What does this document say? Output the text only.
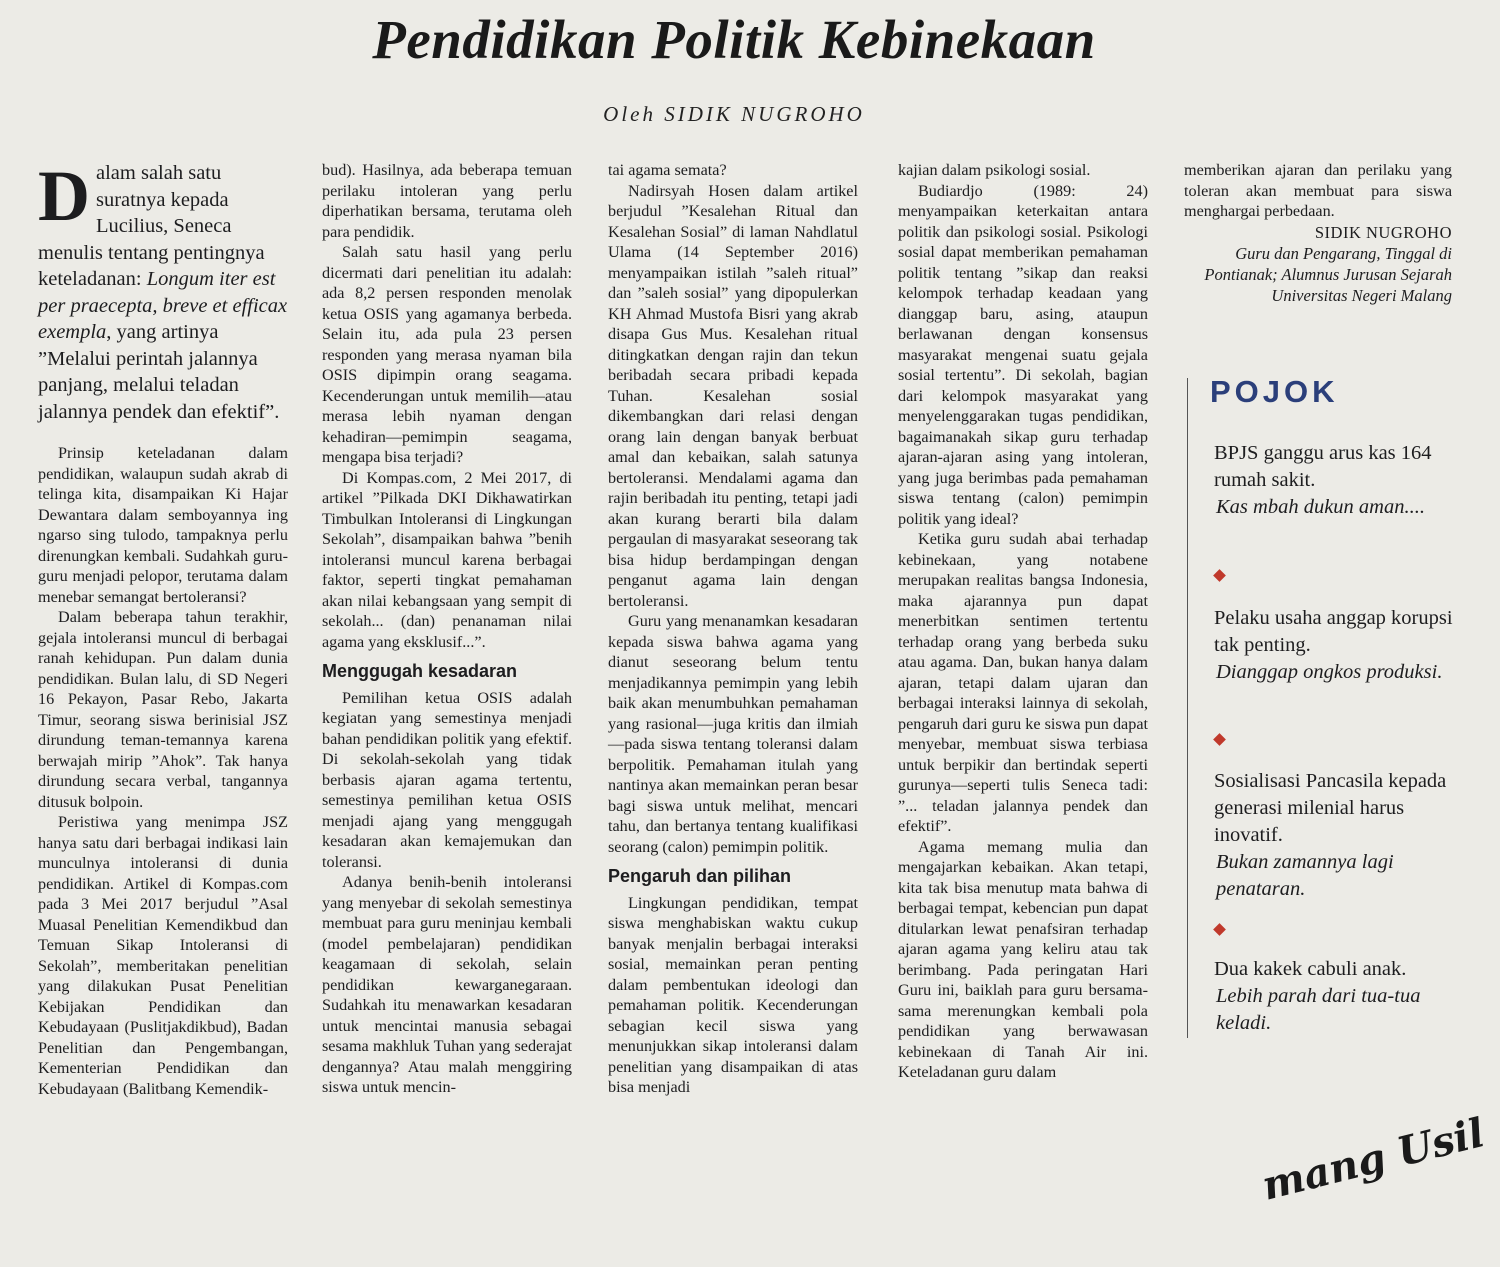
Pendidikan Politik Kebinekaan

Oleh SIDIK NUGROHO

Dalam salah satu suratnya kepada Lucilius, Seneca menulis tentang pentingnya keteladanan: Longum iter est per praecepta, breve et efficax exempla, yang artinya ”Melalui perintah jalannya panjang, melalui teladan jalannya pendek dan efektif”.

Prinsip keteladanan dalam pendidikan, walaupun sudah akrab di telinga kita, disampaikan Ki Hajar Dewantara dalam semboyannya ing ngarso sing tulodo, tampaknya perlu direnungkan kembali. Sudahkah guru-guru menjadi pelopor, terutama dalam menebar semangat bertoleransi?

Dalam beberapa tahun terakhir, gejala intoleransi muncul di berbagai ranah kehidupan. Pun dalam dunia pendidikan. Bulan lalu, di SD Negeri 16 Pekayon, Pasar Rebo, Jakarta Timur, seorang siswa berinisial JSZ dirundung teman-temannya karena berwajah mirip ”Ahok”. Tak hanya dirundung secara verbal, tangannya ditusuk bolpoin.

Peristiwa yang menimpa JSZ hanya satu dari berbagai indikasi lain munculnya intoleransi di dunia pendidikan. Artikel di Kompas.com pada 3 Mei 2017 berjudul ”Asal Muasal Penelitian Kemendikbud dan Temuan Sikap Intoleransi di Sekolah”, memberitakan penelitian yang dilakukan Pusat Penelitian Kebijakan Pendidikan dan Kebudayaan (Puslitjakdikbud), Badan Penelitian dan Pengembangan, Kementerian Pendidikan dan Kebudayaan (Balitbang Kemendik-

bud). Hasilnya, ada beberapa temuan perilaku intoleran yang perlu diperhatikan bersama, terutama oleh para pendidik.

Salah satu hasil yang perlu dicermati dari penelitian itu adalah: ada 8,2 persen responden menolak ketua OSIS yang agamanya berbeda. Selain itu, ada pula 23 persen responden yang merasa nyaman bila OSIS dipimpin orang seagama. Kecenderungan untuk memilih—atau merasa lebih nyaman dengan kehadiran—pemimpin seagama, mengapa bisa terjadi?

Di Kompas.com, 2 Mei 2017, di artikel ”Pilkada DKI Dikhawatirkan Timbulkan Intoleransi di Lingkungan Sekolah”, disampaikan bahwa ”benih intoleransi muncul karena berbagai faktor, seperti tingkat pemahaman akan nilai kebangsaan yang sempit di sekolah... (dan) penanaman nilai agama yang eksklusif...”.

Menggugah kesadaran

Pemilihan ketua OSIS adalah kegiatan yang semestinya menjadi bahan pendidikan politik yang efektif. Di sekolah-sekolah yang tidak berbasis ajaran agama tertentu, semestinya pemilihan ketua OSIS menjadi ajang yang menggugah kesadaran akan kemajemukan dan toleransi.

Adanya benih-benih intoleransi yang menyebar di sekolah semestinya membuat para guru meninjau kembali (model pembelajaran) pendidikan keagamaan di sekolah, selain pendidikan kewarganegaraan. Sudahkah itu menawarkan kesadaran untuk mencintai manusia sebagai sesama makhluk Tuhan yang sederajat dengannya? Atau malah menggiring siswa untuk mencin-

tai agama semata?

Nadirsyah Hosen dalam artikel berjudul ”Kesalehan Ritual dan Kesalehan Sosial” di laman Nahdlatul Ulama (14 September 2016) menyampaikan istilah ”saleh ritual” dan ”saleh sosial” yang dipopulerkan KH Ahmad Mustofa Bisri yang akrab disapa Gus Mus. Kesalehan ritual ditingkatkan dengan rajin dan tekun beribadah secara pribadi kepada Tuhan. Kesalehan sosial dikembangkan dari relasi dengan orang lain dengan banyak berbuat amal dan kebaikan, salah satunya bertoleransi. Mendalami agama dan rajin beribadah itu penting, tetapi jadi akan kurang berarti bila dalam pergaulan di masyarakat seseorang tak bisa hidup berdampingan dengan penganut agama lain dengan bertoleransi.

Guru yang menanamkan kesadaran kepada siswa bahwa agama yang dianut seseorang belum tentu menjadikannya pemimpin yang lebih baik akan menumbuhkan pemahaman yang rasional—juga kritis dan ilmiah—pada siswa tentang toleransi dalam berpolitik. Pemahaman itulah yang nantinya akan memainkan peran besar bagi siswa untuk melihat, mencari tahu, dan bertanya tentang kualifikasi seorang (calon) pemimpin politik.

Pengaruh dan pilihan

Lingkungan pendidikan, tempat siswa menghabiskan waktu cukup banyak menjalin berbagai interaksi sosial, memainkan peran penting dalam pembentukan ideologi dan pemahaman politik. Kecenderungan sebagian kecil siswa yang menunjukkan sikap intoleransi dalam penelitian yang disampaikan di atas bisa menjadi

kajian dalam psikologi sosial.

Budiardjo (1989: 24) menyampaikan keterkaitan antara politik dan psikologi sosial. Psikologi sosial dapat memberikan pemahaman politik tentang ”sikap dan reaksi kelompok terhadap keadaan yang dianggap baru, asing, ataupun berlawanan dengan konsensus masyarakat mengenai suatu gejala sosial tertentu”. Di sekolah, bagian dari kelompok masyarakat yang menyelenggarakan tugas pendidikan, bagaimanakah sikap guru terhadap ajaran-ajaran asing yang intoleran, yang juga berimbas pada pemahaman siswa tentang (calon) pemimpin politik yang ideal?

Ketika guru sudah abai terhadap kebinekaan, yang notabene merupakan realitas bangsa Indonesia, maka ajarannya pun dapat menerbitkan sentimen tertentu terhadap orang yang berbeda suku atau agama. Dan, bukan hanya dalam ajaran, tetapi dalam ujaran dan berbagai interaksi lainnya di sekolah, pengaruh dari guru ke siswa pun dapat menyebar, membuat siswa terbiasa untuk berpikir dan bertindak seperti gurunya—seperti tulis Seneca tadi: ”... teladan jalannya pendek dan efektif”.

Agama memang mulia dan mengajarkan kebaikan. Akan tetapi, kita tak bisa menutup mata bahwa di berbagai tempat, kebencian pun dapat ditularkan lewat penafsiran terhadap ajaran agama yang keliru atau tak berimbang. Pada peringatan Hari Guru ini, baiklah para guru bersama-sama merenungkan kembali pola pendidikan yang berwawasan kebinekaan di Tanah Air ini. Keteladanan guru dalam

memberikan ajaran dan perilaku yang toleran akan membuat para siswa menghargai perbedaan.

SIDIK NUGROHO
Guru dan Pengarang, Tinggal di Pontianak; Alumnus Jurusan Sejarah Universitas Negeri Malang
POJOK
BPJS ganggu arus kas 164 rumah sakit.
Kas mbah dukun aman....
Pelaku usaha anggap korupsi tak penting.
Dianggap ongkos produksi.
Sosialisasi Pancasila kepada generasi milenial harus inovatif.
Bukan zamannya lagi penataran.
Dua kakek cabuli anak.
Lebih parah dari tua-tua keladi.
mang Usil
